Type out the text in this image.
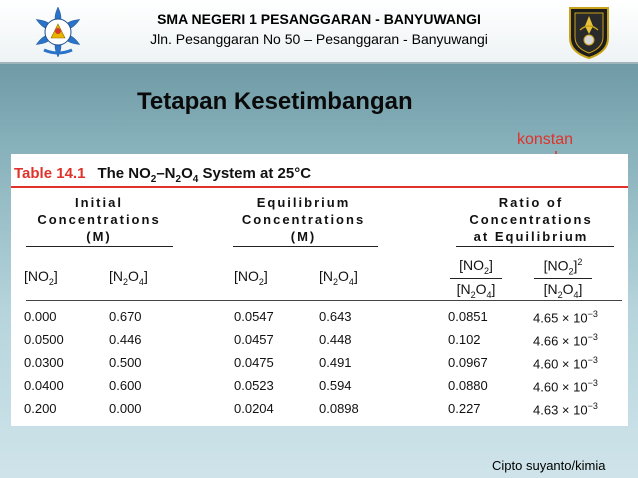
SMA NEGERI 1 PESANGGARAN - BANYUWANGI
Jln. Pesanggaran No 50 – Pesanggaran - Banyuwangi
Tetapan Kesetimbangan
konstan
Table 14.1 The $NO_2-N_2O_4$ System at 25°C
Initial
Concentrations
(M)
Equilibrium
Concentrations
(M)
Ratio of
Concentrations
at Equilibrium
$[NO_2]$	$[N_2O_4]$	$[NO_2]$	$[N_2O_4]$	$\frac{[NO_2]}{[N_2O_4]} \frac{[NO_2]^2}{[N_2O_4]}$
0.000	0.670	0.0547	0.643	0.0851	$4.65 \times 10^{-3}$
0.0500	0.446	0.0457	0.448	0.102	$4.66 \times 10^{-3}$
0.0300	0.500	0.0475	0.491	0.0967	$4.60 \times 10^{-3}$
0.0400	0.600	0.0523	0.594	0.0880	$4.60 \times 10^{-3}$
0.200	0.000	0.0204	0.0898	0.227	$4.63 \times 10^{-3}$
Cipto suyanto/kimia
